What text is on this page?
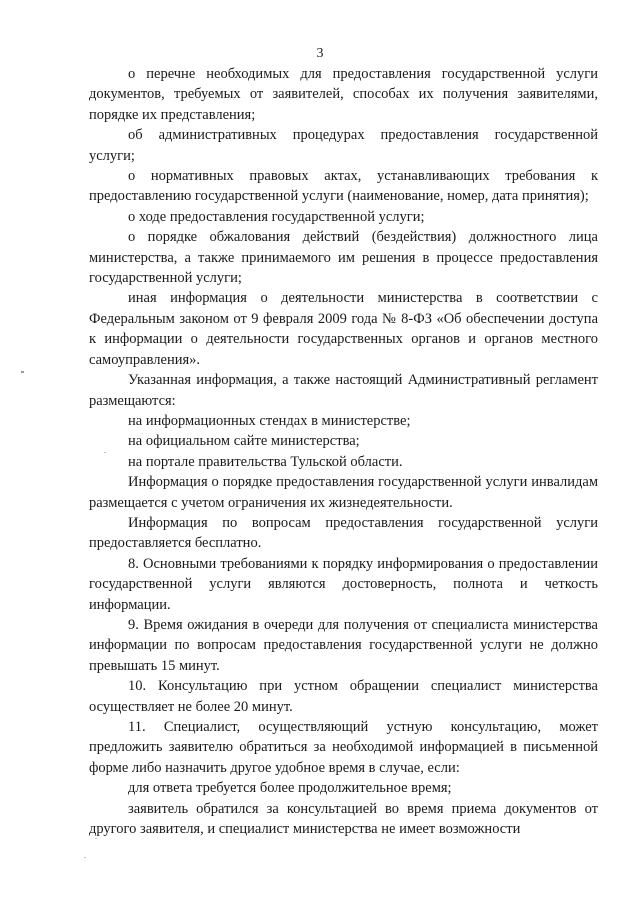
3

о перечне необходимых для предоставления государственной услуги документов, требуемых от заявителей, способах их получения заявителями, порядке их представления;

об административных процедурах предоставления государственной услуги;

о нормативных правовых актах, устанавливающих требования к предоставлению государственной услуги (наименование, номер, дата принятия);

о ходе предоставления государственной услуги;

о порядке обжалования действий (бездействия) должностного лица министерства, а также принимаемого им решения в процессе предоставления государственной услуги;

иная информация о деятельности министерства в соответствии с Федеральным законом от 9 февраля 2009 года № 8-ФЗ «Об обеспечении доступа к информации о деятельности государственных органов и органов местного самоуправления».

Указанная информация, а также настоящий Административный регламент размещаются:

на информационных стендах в министерстве;

на официальном сайте министерства;

на портале правительства Тульской области.

Информация о порядке предоставления государственной услуги инвалидам размещается с учетом ограничения их жизнедеятельности.

Информация по вопросам предоставления государственной услуги предоставляется бесплатно.

8. Основными требованиями к порядку информирования о предоставлении государственной услуги являются достоверность, полнота и четкость информации.

9. Время ожидания в очереди для получения от специалиста министерства информации по вопросам предоставления государственной услуги не должно превышать 15 минут.

10. Консультацию при устном обращении специалист министерства осуществляет не более 20 минут.

11. Специалист, осуществляющий устную консультацию, может предложить заявителю обратиться за необходимой информацией в письменной форме либо назначить другое удобное время в случае, если:

для ответа требуется более продолжительное время;

заявитель обратился за консультацией во время приема документов от другого заявителя, и специалист министерства не имеет возможности
